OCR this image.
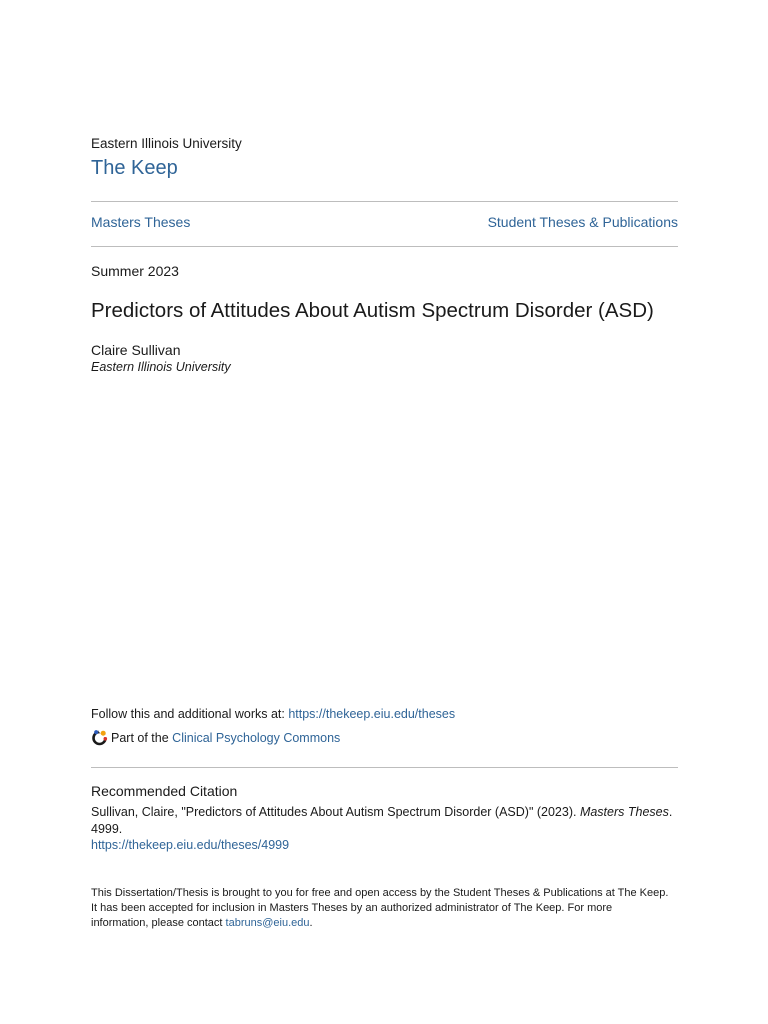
Eastern Illinois University
The Keep
Masters Theses	Student Theses & Publications
Summer 2023
Predictors of Attitudes About Autism Spectrum Disorder (ASD)
Claire Sullivan
Eastern Illinois University
Follow this and additional works at: https://thekeep.eiu.edu/theses
Part of the
Clinical Psychology Commons
Recommended Citation
Sullivan, Claire, "Predictors of Attitudes About Autism Spectrum Disorder (ASD)" (2023). Masters Theses.
4999.
https://thekeep.eiu.edu/theses/4999
This Dissertation/Thesis is brought to you for free and open access by the Student Theses & Publications at The Keep. It has been accepted for inclusion in Masters Theses by an authorized administrator of The Keep. For more information, please contact tabruns@eiu.edu.
